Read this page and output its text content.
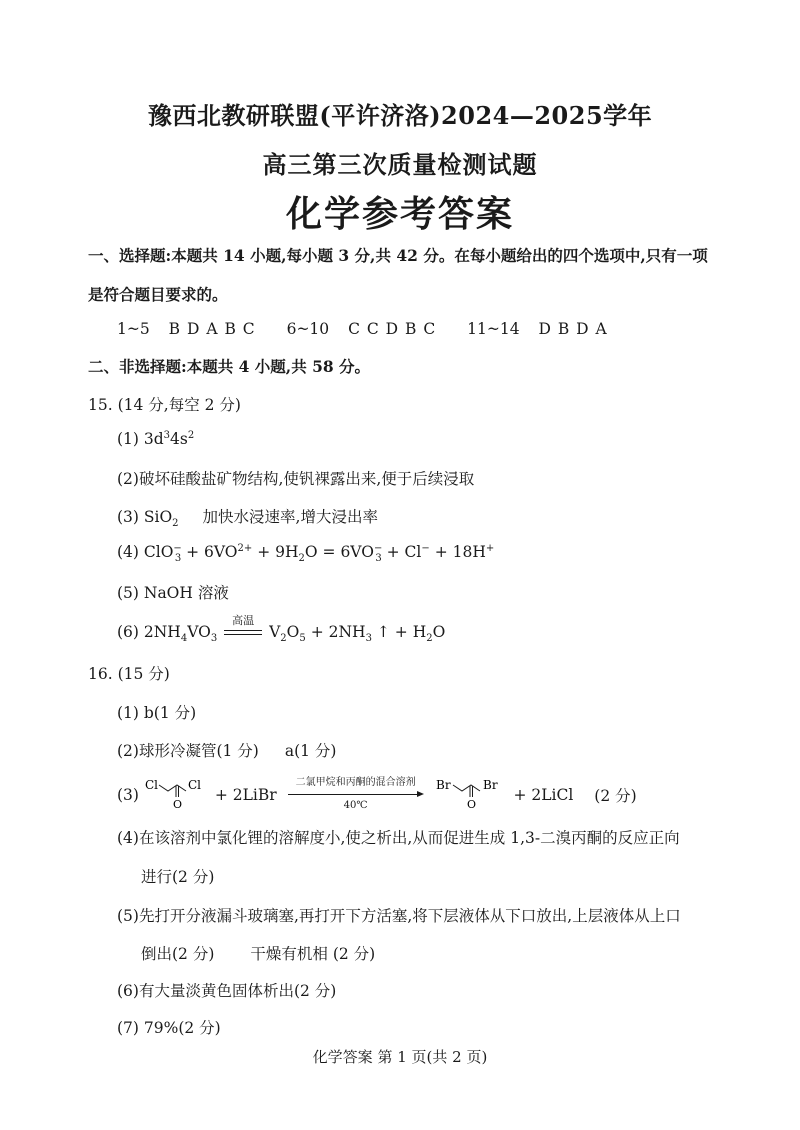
豫西北教研联盟(平许济洛)2024—2025学年
高三第三次质量检测试题
化学参考答案
一、选择题:本题共 14 小题,每小题 3 分,共 42 分。在每小题给出的四个选项中,只有一项
是符合题目要求的。
1~5 B D A B C 6~10 C C D B C 11~14 D B D A
二、非选择题:本题共 4 小题,共 58 分。
15. (14 分,每空 2 分)
(1) $3d^34s^2$
(2)破坏硅酸盐矿物结构,使钒裸露出来,便于后续浸取
(3) SiO$_2$ 加快水浸速率,增大浸出率
(4) $ClO^-_3 + 6VO^{2+} + 9H_2O = 6VO^-_3 + Cl^- + 18H^+$
(5) NaOH 溶液
(6) $2NH_4VO_3$
高温
$V_2O_5 + 2NH_3$ ↑ + $H_2O$
16. (15 分)
(1) b(1 分)
(2)球形冷凝管(1 分) a(1 分)
(3)
Cl
O
Cl
+ 2LiBr
二氯甲烷和丙酮的混合溶剂
40℃

Br
O
Br
+ 2LiCl (2 分)
(4)在该溶剂中氯化锂的溶解度小,使之析出,从而促进生成 1,3-二溴丙酮的反应正向
进行(2 分)
(5)先打开分液漏斗玻璃塞,再打开下方活塞,将下层液体从下口放出,上层液体从上口
倒出(2 分) 干燥有机相 (2 分)
(6)有大量淡黄色固体析出(2 分)
(7) 79%(2 分)
化学答案 第 1 页(共 2 页)
